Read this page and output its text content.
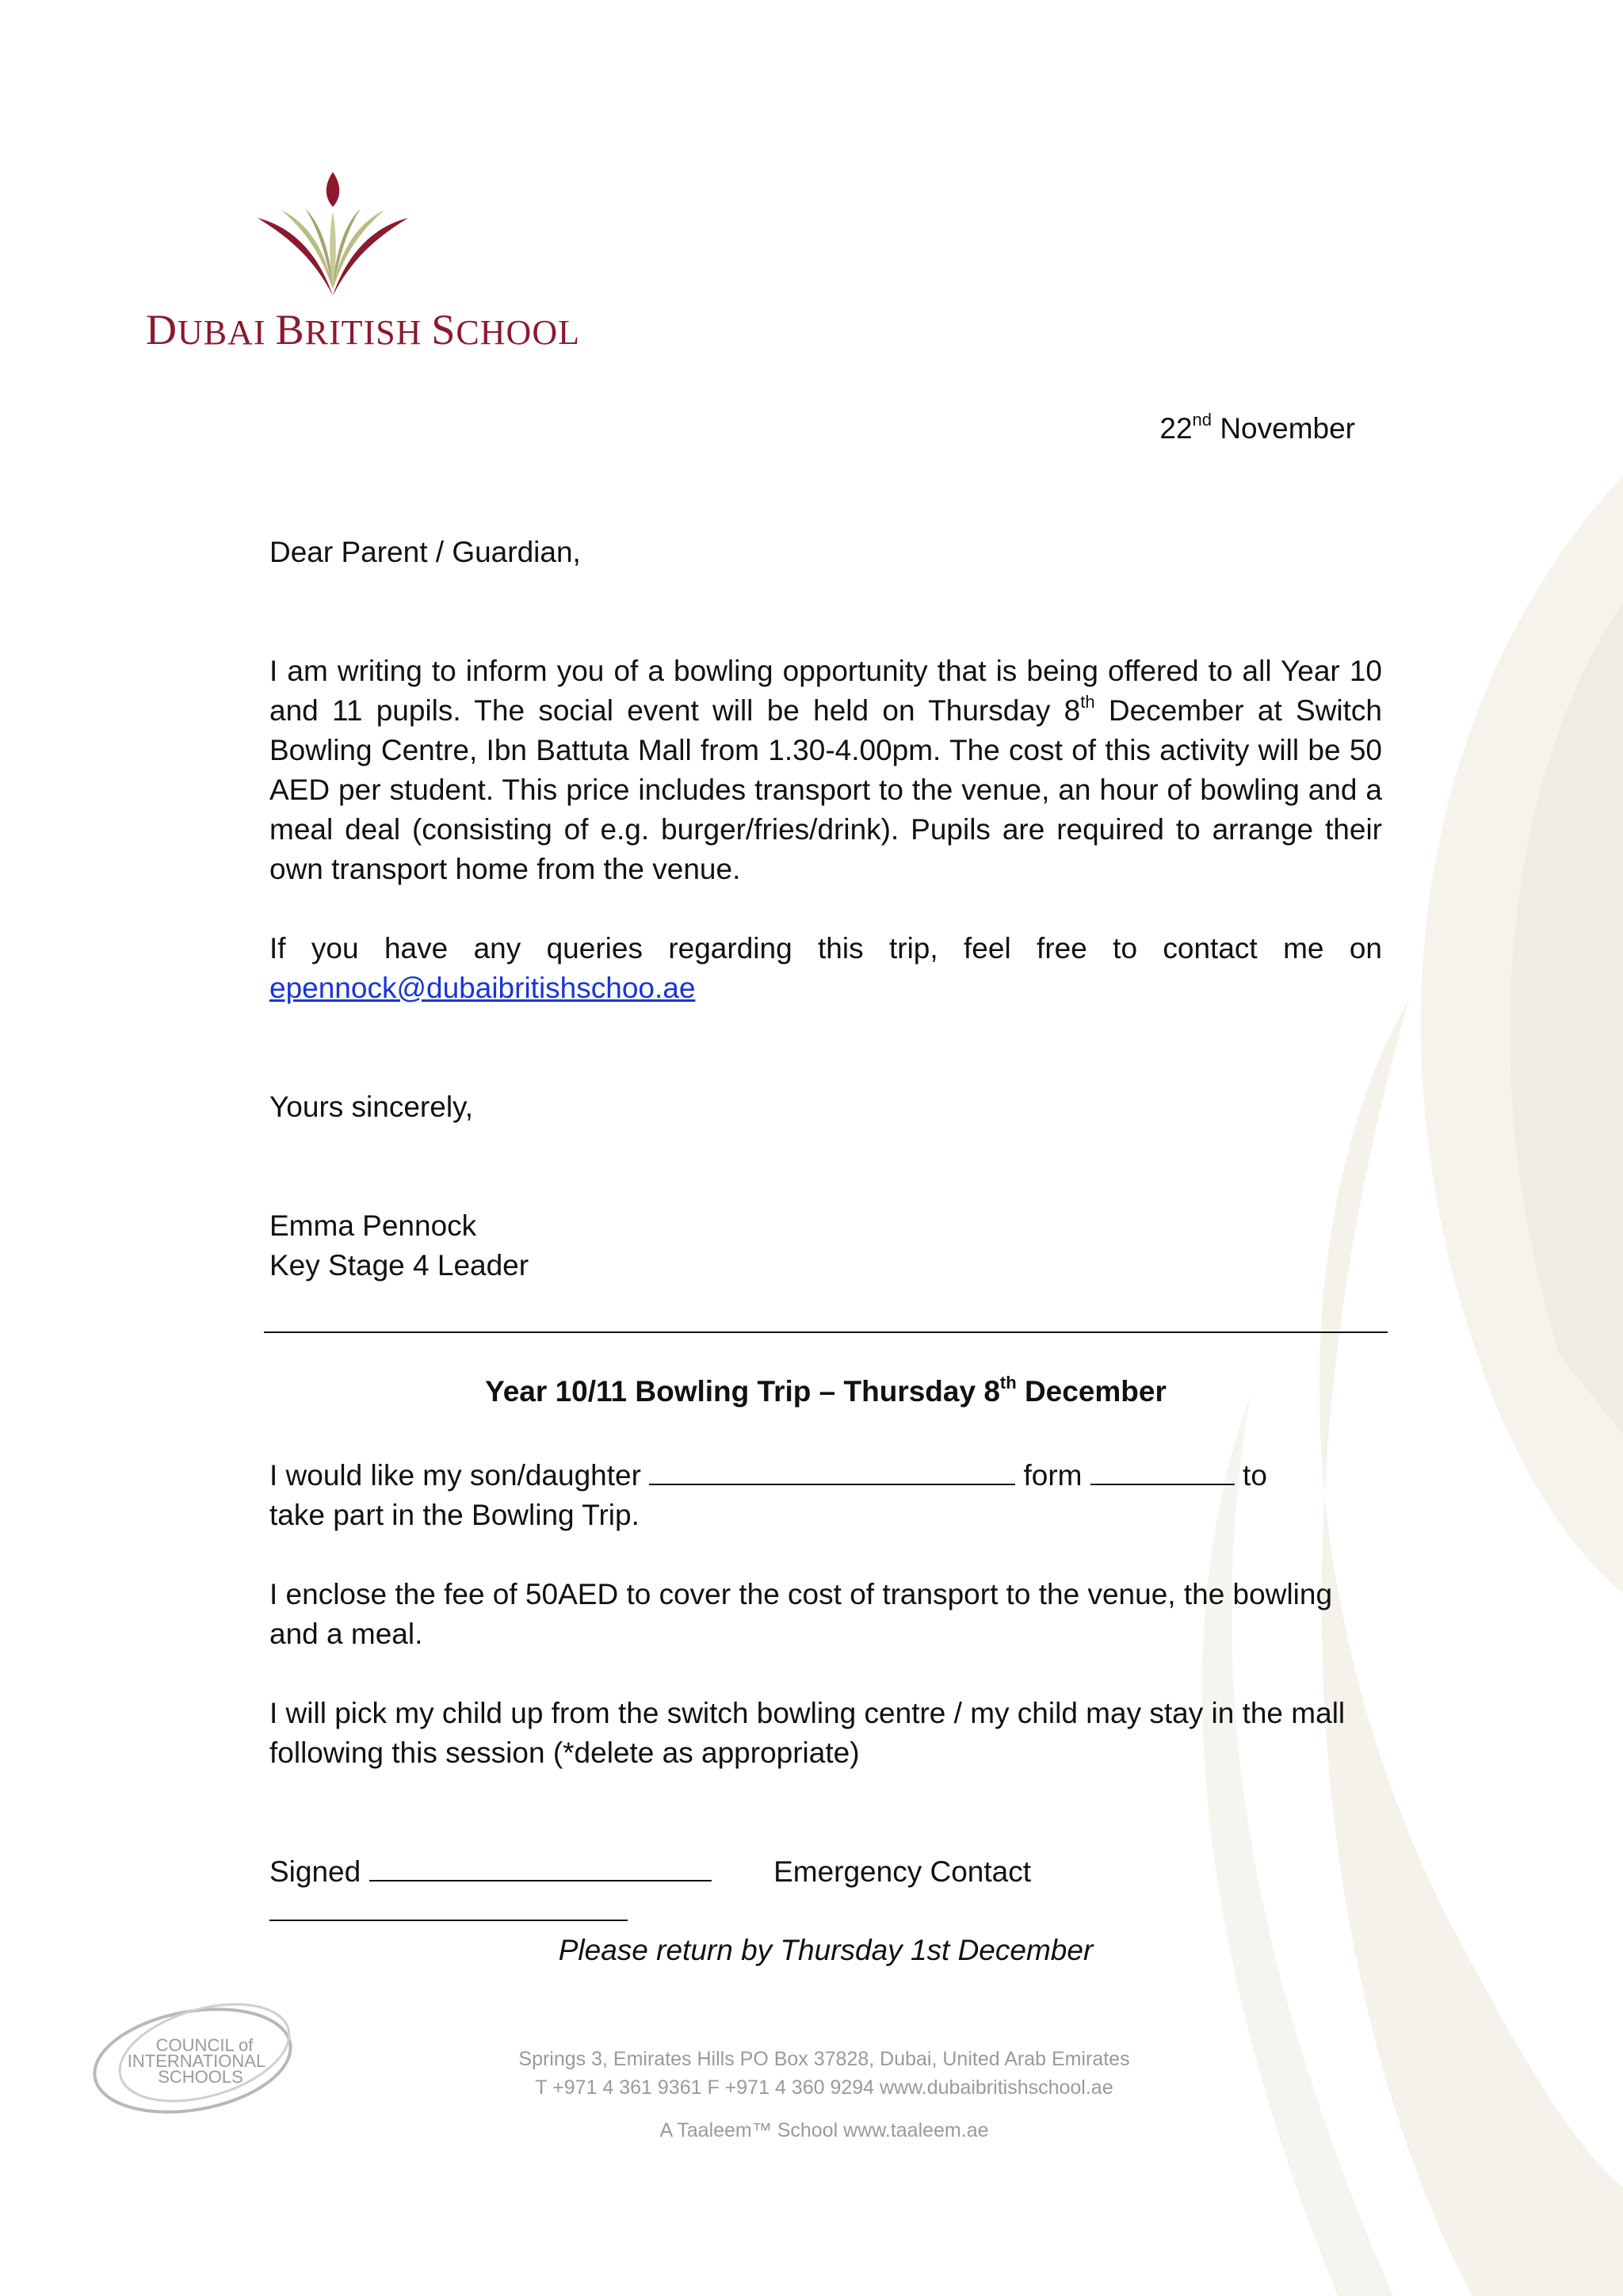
DUBAI BRITISH SCHOOL
22nd November
Dear Parent / Guardian,
I am writing to inform you of a bowling opportunity that is being offered to all Year 10 and 11 pupils. The social event will be held on Thursday 8th December at Switch Bowling Centre, Ibn Battuta Mall from 1.30-4.00pm. The cost of this activity will be 50 AED per student. This price includes transport to the venue, an hour of bowling and a meal deal (consisting of e.g. burger/fries/drink). Pupils are required to arrange their own transport home from the venue.
If you have any queries regarding this trip, feel free to contact me on
epennock@dubaibritishschoo.ae
Yours sincerely,
Emma Pennock
Key Stage 4 Leader
Year 10/11 Bowling Trip – Thursday 8th December
I would like my son/daughter	form	to
take part in the Bowling Trip.
I enclose the fee of 50AED to cover the cost of transport to the venue, the bowling and a meal.
I will pick my child up from the switch bowling centre / my child may stay in the mall following this session (*delete as appropriate)
Signed	Emergency Contact
Please return by Thursday 1st December
COUNCIL of
INTERNATIONAL
SCHOOLS
Springs 3, Emirates Hills PO Box 37828, Dubai, United Arab Emirates
T +971 4 361 9361 F +971 4 360 9294 www.dubaibritishschool.ae
A Taaleem™ School www.taaleem.ae
